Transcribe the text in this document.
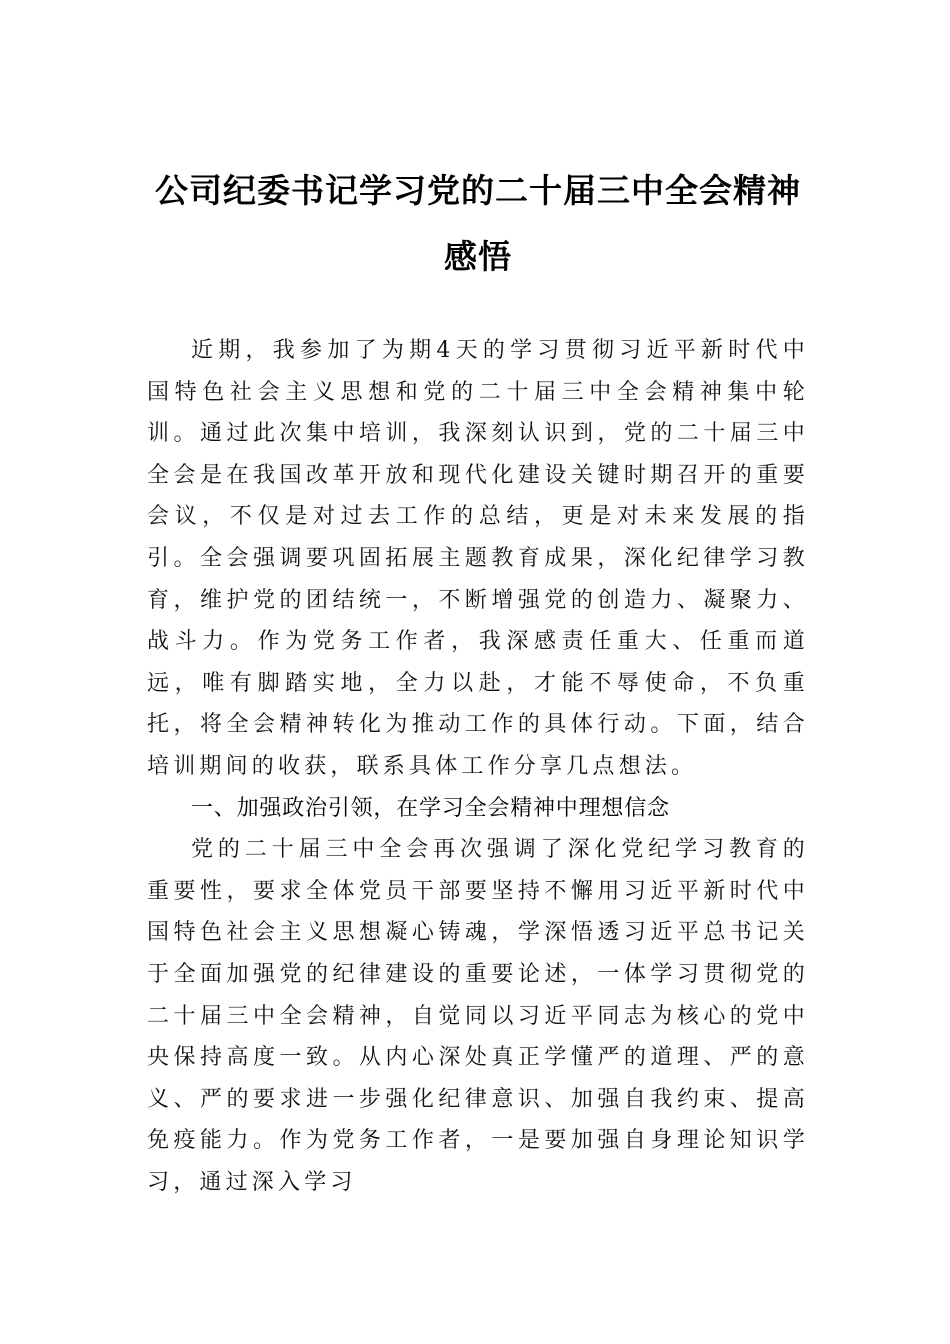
公司纪委书记学习党的二十届三中全会精神感悟

近期，我参加了为期4天的学习贯彻习近平新时代中国特色社会主义思想和党的二十届三中全会精神集中轮训。通过此次集中培训，我深刻认识到，党的二十届三中全会是在我国改革开放和现代化建设关键时期召开的重要会议，不仅是对过去工作的总结，更是对未来发展的指引。全会强调要巩固拓展主题教育成果，深化纪律学习教育，维护党的团结统一，不断增强党的创造力、凝聚力、战斗力。作为党务工作者，我深感责任重大、任重而道远，唯有脚踏实地，全力以赴，才能不辱使命，不负重托，将全会精神转化为推动工作的具体行动。下面，结合培训期间的收获，联系具体工作分享几点想法。

一、加强政治引领，在学习全会精神中理想信念

党的二十届三中全会再次强调了深化党纪学习教育的重要性，要求全体党员干部要坚持不懈用习近平新时代中国特色社会主义思想凝心铸魂，学深悟透习近平总书记关于全面加强党的纪律建设的重要论述，一体学习贯彻党的二十届三中全会精神，自觉同以习近平同志为核心的党中央保持高度一致。从内心深处真正学懂严的道理、严的意义、严的要求进一步强化纪律意识、加强自我约束、提高免疫能力。作为党务工作者，一是要加强自身理论知识学习，通过深入学习
